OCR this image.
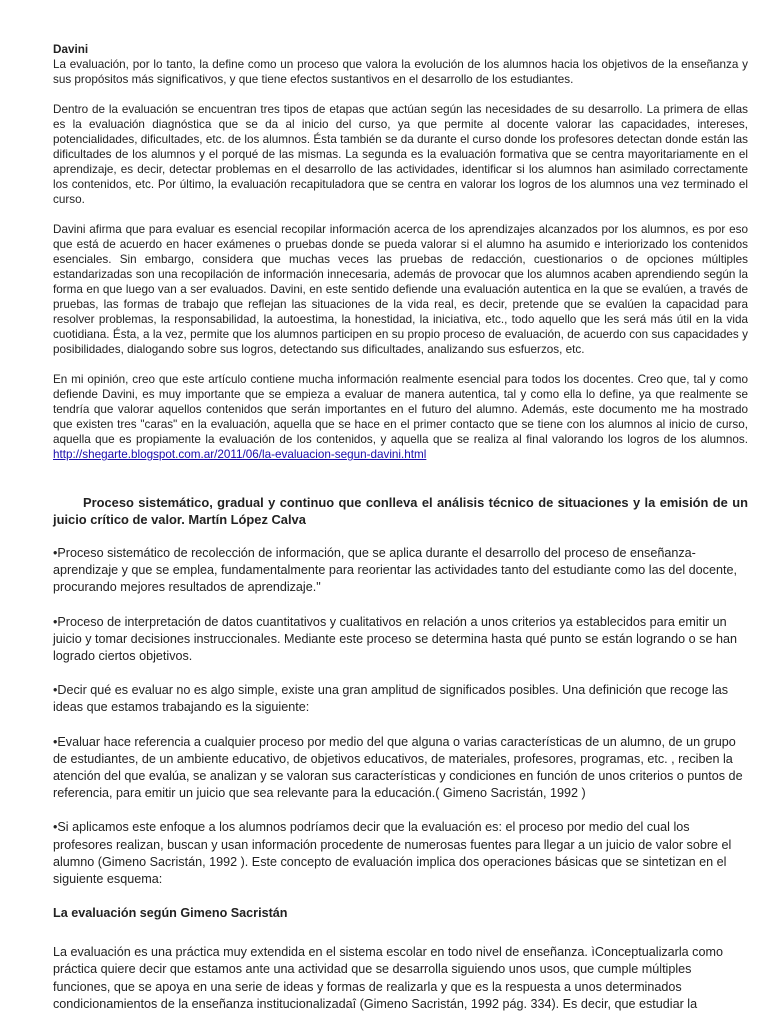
Davini

La evaluación, por lo tanto, la define como un proceso que valora la evolución de los alumnos hacia los objetivos de la enseñanza y sus propósitos más significativos, y que tiene efectos sustantivos en el desarrollo de los estudiantes.

Dentro de la evaluación se encuentran tres tipos de etapas que actúan según las necesidades de su desarrollo. La primera de ellas es la evaluación diagnóstica que se da al inicio del curso, ya que permite al docente valorar las capacidades, intereses, potencialidades, dificultades, etc. de los alumnos. Ésta también se da durante el curso donde los profesores detectan donde están las dificultades de los alumnos y el porqué de las mismas. La segunda es la evaluación formativa que se centra mayoritariamente en el aprendizaje, es decir, detectar problemas en el desarrollo de las actividades, identificar si los alumnos han asimilado correctamente los contenidos, etc. Por último, la evaluación recapituladora que se centra en valorar los logros de los alumnos una vez terminado el curso.

Davini afirma que para evaluar es esencial recopilar información acerca de los aprendizajes alcanzados por los alumnos, es por eso que está de acuerdo en hacer exámenes o pruebas donde se pueda valorar si el alumno ha asumido e interiorizado los contenidos esenciales. Sin embargo, considera que muchas veces las pruebas de redacción, cuestionarios o de opciones múltiples estandarizadas son una recopilación de información innecesaria, además de provocar que los alumnos acaben aprendiendo según la forma en que luego van a ser evaluados. Davini, en este sentido defiende una evaluación autentica en la que se evalúen, a través de pruebas, las formas de trabajo que reflejan las situaciones de la vida real, es decir, pretende que se evalúen la capacidad para resolver problemas, la responsabilidad, la autoestima, la honestidad, la iniciativa, etc., todo aquello que les será más útil en la vida cuotidiana. Ésta, a la vez, permite que los alumnos participen en su propio proceso de evaluación, de acuerdo con sus capacidades y posibilidades, dialogando sobre sus logros, detectando sus dificultades, analizando sus esfuerzos, etc.

En mi opinión, creo que este artículo contiene mucha información realmente esencial para todos los docentes. Creo que, tal y como defiende Davini, es muy importante que se empieza a evaluar de manera autentica, tal y como ella lo define, ya que realmente se tendría que valorar aquellos contenidos que serán importantes en el futuro del alumno. Además, este documento me ha mostrado que existen tres "caras" en la evaluación, aquella que se hace en el primer contacto que se tiene con los alumnos al inicio de curso, aquella que es propiamente la evaluación de los contenidos, y aquella que se realiza al final valorando los logros de los alumnos. http://shegarte.blogspot.com.ar/2011/06/la-evaluacion-segun-davini.html

Proceso sistemático, gradual y continuo que conlleva el análisis técnico de situaciones y la emisión de un juicio crítico de valor. Martín López Calva

•Proceso sistemático de recolección de información, que se aplica durante el desarrollo del proceso de enseñanza-aprendizaje y que se emplea, fundamentalmente para reorientar las actividades tanto del estudiante como las del docente, procurando mejores resultados de aprendizaje."

•Proceso de interpretación de datos cuantitativos y cualitativos en relación a unos criterios ya establecidos para emitir un juicio y tomar decisiones instruccionales. Mediante este proceso se determina hasta qué punto se están logrando o se han logrado ciertos objetivos.

•Decir qué es evaluar no es algo simple, existe una gran amplitud de significados posibles. Una definición que recoge las ideas que estamos trabajando es la siguiente:

•Evaluar hace referencia a cualquier proceso por medio del que alguna o varias características de un alumno, de un grupo de estudiantes, de un ambiente educativo, de objetivos educativos, de materiales, profesores, programas, etc. , reciben la atención del que evalúa, se analizan y se valoran sus características y condiciones en función de unos criterios o puntos de referencia, para emitir un juicio que sea relevante para la educación.( Gimeno Sacristán, 1992 )

•Si aplicamos este enfoque a los alumnos podríamos decir que la evaluación es: el proceso por medio del cual los profesores realizan, buscan y usan información procedente de numerosas fuentes para llegar a un juicio de valor sobre el alumno (Gimeno Sacristán, 1992 ). Este concepto de evaluación implica dos operaciones básicas que se sintetizan en el siguiente esquema:

La evaluación según Gimeno Sacristán

La evaluación es una práctica muy extendida en el sistema escolar en todo nivel de enseñanza. ìConceptualizarla como práctica quiere decir que estamos ante una actividad que se desarrolla siguiendo unos usos, que cumple múltiples funciones, que se apoya en una serie de ideas y formas de realizarla y que es la respuesta a unos determinados condicionamientos de la enseñanza institucionalizadaî (Gimeno Sacristán, 1992 pág. 334). Es decir, que estudiar la
